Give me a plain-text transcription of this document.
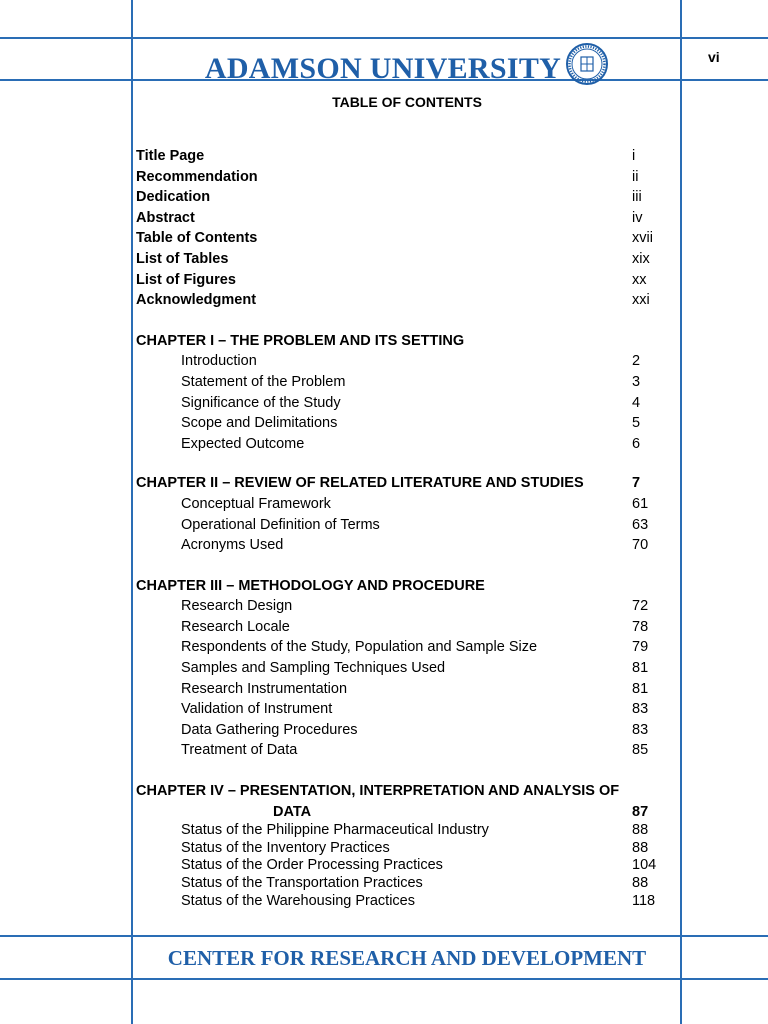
ADAMSON UNIVERSITY	vi
TABLE OF CONTENTS
Title Page	i
Recommendation	ii
Dedication	iii
Abstract	iv
Table of Contents	xvii
List of Tables	xix
List of Figures	xx
Acknowledgment	xxi
CHAPTER I – THE PROBLEM AND ITS SETTING
Introduction	2
Statement of the Problem	3
Significance of the Study	4
Scope and Delimitations	5
Expected Outcome	6
CHAPTER II – REVIEW OF RELATED LITERATURE AND STUDIES	7
Conceptual Framework	61
Operational Definition of Terms	63
Acronyms Used	70
CHAPTER III – METHODOLOGY AND PROCEDURE
Research Design	72
Research Locale	78
Respondents of the Study, Population and Sample Size	79
Samples and Sampling Techniques Used	81
Research Instrumentation	81
Validation of Instrument	83
Data Gathering Procedures	83
Treatment of Data	85
CHAPTER IV – PRESENTATION, INTERPRETATION AND ANALYSIS OF
DATA	87
Status of the Philippine Pharmaceutical Industry	88
Status of the Inventory Practices	88
Status of the Order Processing Practices	104
Status of the Transportation Practices	88
Status of the Warehousing Practices	118
CENTER FOR RESEARCH AND DEVELOPMENT
